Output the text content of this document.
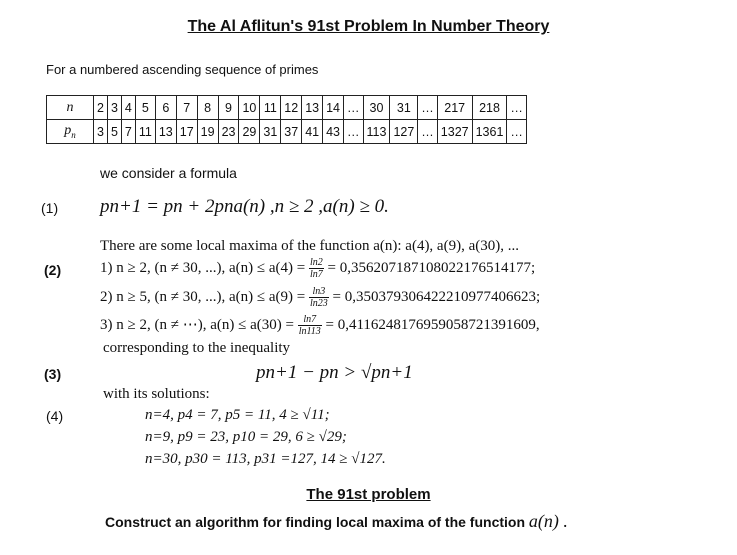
The Al Aflitun's 91st Problem In Number Theory
For a numbered ascending sequence of primes
n	2	3	4	5	6	7	8	9	10	11	12	13	14	…	30	31	…	217	218	…
$p_n$	3	5	7	11	13	17	19	23	29	31	37	41	43	…	113	127	…	1327	1361	…
we consider a formula
(1) pn+1 = pn + 2pna(n) ,n ≥ 2 ,a(n) ≥ 0.
There are some local maxima of the function a(n): a(4), a(9), a(30), ...
(2)	1) n ≥ 2, (n ≠ 30, ...), $a(n) \le a(4) = \frac{\ln 2}{\ln 7} = 0,356207187108022176514177$;
2) n ≥ 5, (n ≠ 30, ...), $a(n) \le a(9) = \frac{\ln 3}{\ln 23} = 0,350379306422210977406623$;
3) n ≥ 2, (n ≠ ⋯), $a(n) \le a(30) = \frac{\ln 7}{\ln 113}$ = 0,411624817695905872139160​9,
corresponding to the inequality
(3)	pn+1 − pn > √pn+1
with its solutions:
(4)	n=4, p4 = 7, p5 = 11, 4 ≥ √11;
n=9, p9 = 23, p10 = 29, 6 ≥ √29;
n=30, p30 = 113, p31 =127, 14 ≥ √127.
The 91st problem
Construct an algorithm for finding local maxima of the function a(n) .
